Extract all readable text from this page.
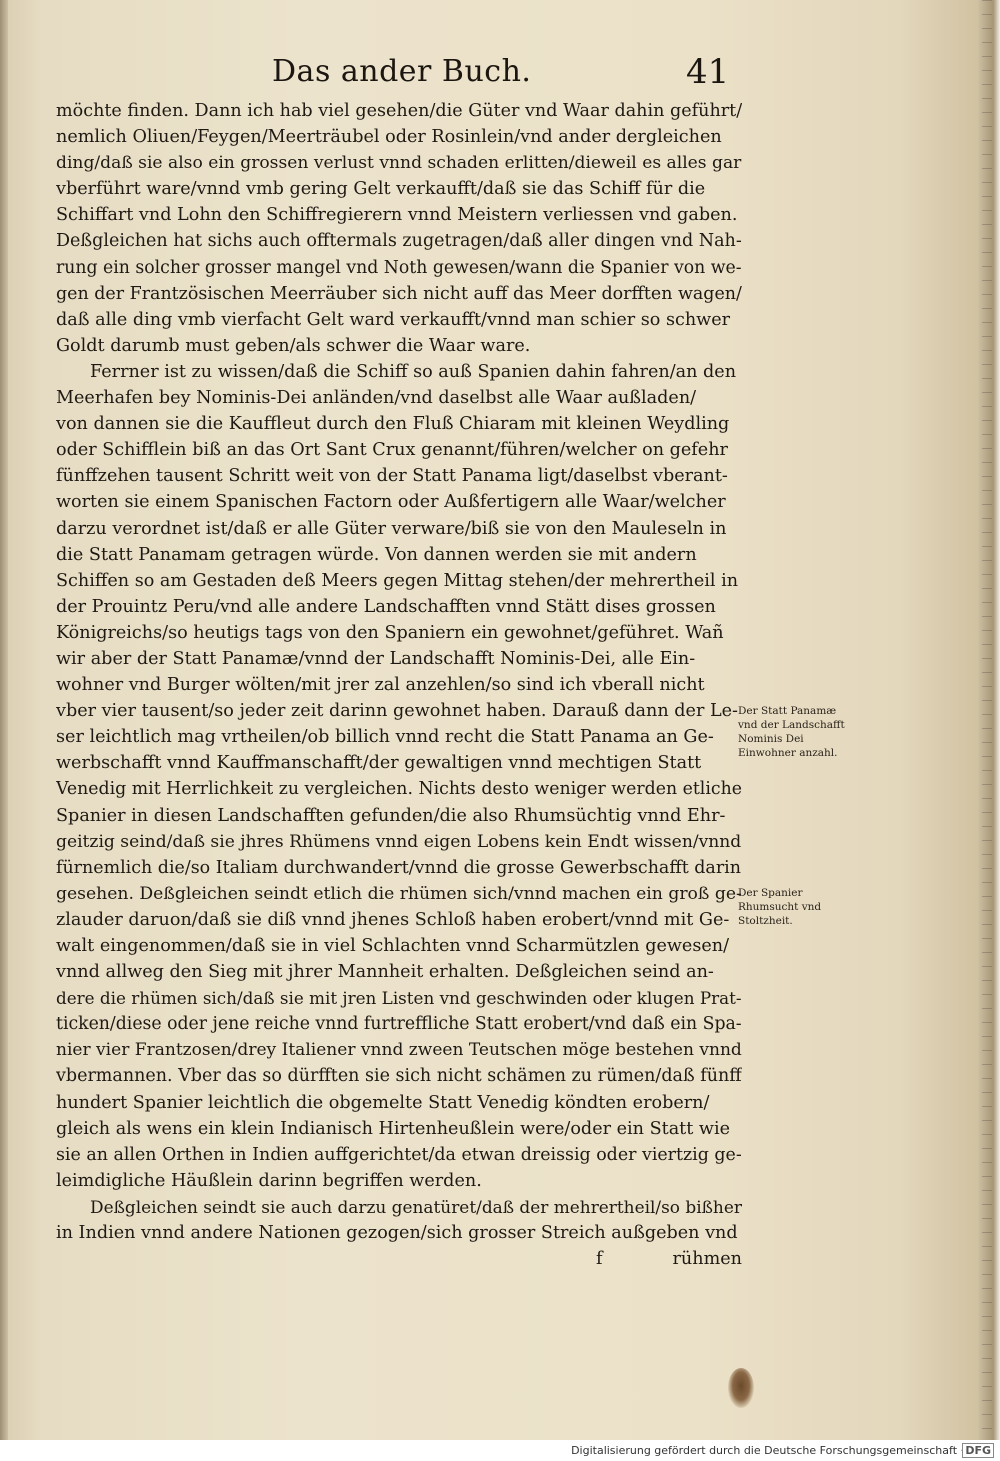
Das ander Buch.	41
möchte finden. Dann ich hab viel gesehen/die Güter vnd Waar dahin geführt/
nemlich Oliuen/Feygen/Meerträubel oder Rosinlein/vnd ander dergleichen
ding/daß sie also ein grossen verlust vnnd schaden erlitten/dieweil es alles gar
vberführt ware/vnnd vmb gering Gelt verkaufft/daß sie das Schiff für die
Schiffart vnd Lohn den Schiffregierern vnnd Meistern verliessen vnd gaben.
Deßgleichen hat sichs auch offtermals zugetragen/daß aller dingen vnd Nah-
rung ein solcher grosser mangel vnd Noth gewesen/wann die Spanier von we-
gen der Frantzösischen Meerräuber sich nicht auff das Meer dorfften wagen/
daß alle ding vmb vierfacht Gelt ward verkaufft/vnnd man schier so schwer
Goldt darumb must geben/als schwer die Waar ware.
Ferrner ist zu wissen/daß die Schiff so auß Spanien dahin fahren/an den
Meerhafen bey Nominis-Dei anländen/vnd daselbst alle Waar außladen/
von dannen sie die Kauffleut durch den Fluß Chiaram mit kleinen Weydling
oder Schifflein biß an das Ort Sant Crux genannt/führen/welcher on gefehr
fünffzehen tausent Schritt weit von der Statt Panama ligt/daselbst vberant-
worten sie einem Spanischen Factorn oder Außfertigern alle Waar/welcher
darzu verordnet ist/daß er alle Güter verware/biß sie von den Mauleseln in
die Statt Panamam getragen würde. Von dannen werden sie mit andern
Schiffen so am Gestaden deß Meers gegen Mittag stehen/der mehrertheil in
der Prouintz Peru/vnd alle andere Landschafften vnnd Stätt dises grossen
Königreichs/so heutigs tags von den Spaniern ein gewohnet/geführet. Wañ
wir aber der Statt Panamæ/vnnd der Landschafft Nominis-Dei, alle Ein-
wohner vnd Burger wölten/mit jrer zal anzehlen/so sind ich vberall nicht
vber vier tausent/so jeder zeit darinn gewohnet haben. Darauß dann der Le-
ser leichtlich mag vrtheilen/ob billich vnnd recht die Statt Panama an Ge-
werbschafft vnnd Kauffmanschafft/der gewaltigen vnnd mechtigen Statt
Venedig mit Herrlichkeit zu vergleichen. Nichts desto weniger werden etliche
Spanier in diesen Landschafften gefunden/die also Rhumsüchtig vnnd Ehr-
geitzig seind/daß sie jhres Rhümens vnnd eigen Lobens kein Endt wissen/vnnd
fürnemlich die/so Italiam durchwandert/vnnd die grosse Gewerbschafft darin
gesehen. Deßgleichen seindt etlich die rhümen sich/vnnd machen ein groß ge-
zlauder daruon/daß sie diß vnnd jhenes Schloß haben erobert/vnnd mit Ge-
walt eingenommen/daß sie in viel Schlachten vnnd Scharmützlen gewesen/
vnnd allweg den Sieg mit jhrer Mannheit erhalten. Deßgleichen seind an-
dere die rhümen sich/daß sie mit jren Listen vnd geschwinden oder klugen Prat-
ticken/diese oder jene reiche vnnd furtreffliche Statt erobert/vnd daß ein Spa-
nier vier Frantzosen/drey Italiener vnnd zween Teutschen möge bestehen vnnd
vbermannen. Vber das so dürfften sie sich nicht schämen zu rümen/daß fünff
hundert Spanier leichtlich die obgemelte Statt Venedig köndten erobern/
gleich als wens ein klein Indianisch Hirtenheußlein were/oder ein Statt wie
sie an allen Orthen in Indien auffgerichtet/da etwan dreissig oder viertzig ge-
leimdigliche Häußlein darinn begriffen werden.
Deßgleichen seindt sie auch darzu genatüret/daß der mehrertheil/so bißher
in Indien vnnd andere Nationen gezogen/sich grosser Streich außgeben vnd
f	rühmen
Der Statt Panamæ vnd der Landschafft Nominis Dei Einwohner anzahl.
Der Spanier Rhumsucht vnd Stoltzheit.
Digitalisierung gefördert durch die Deutsche Forschungsgemeinschaft · DFG
